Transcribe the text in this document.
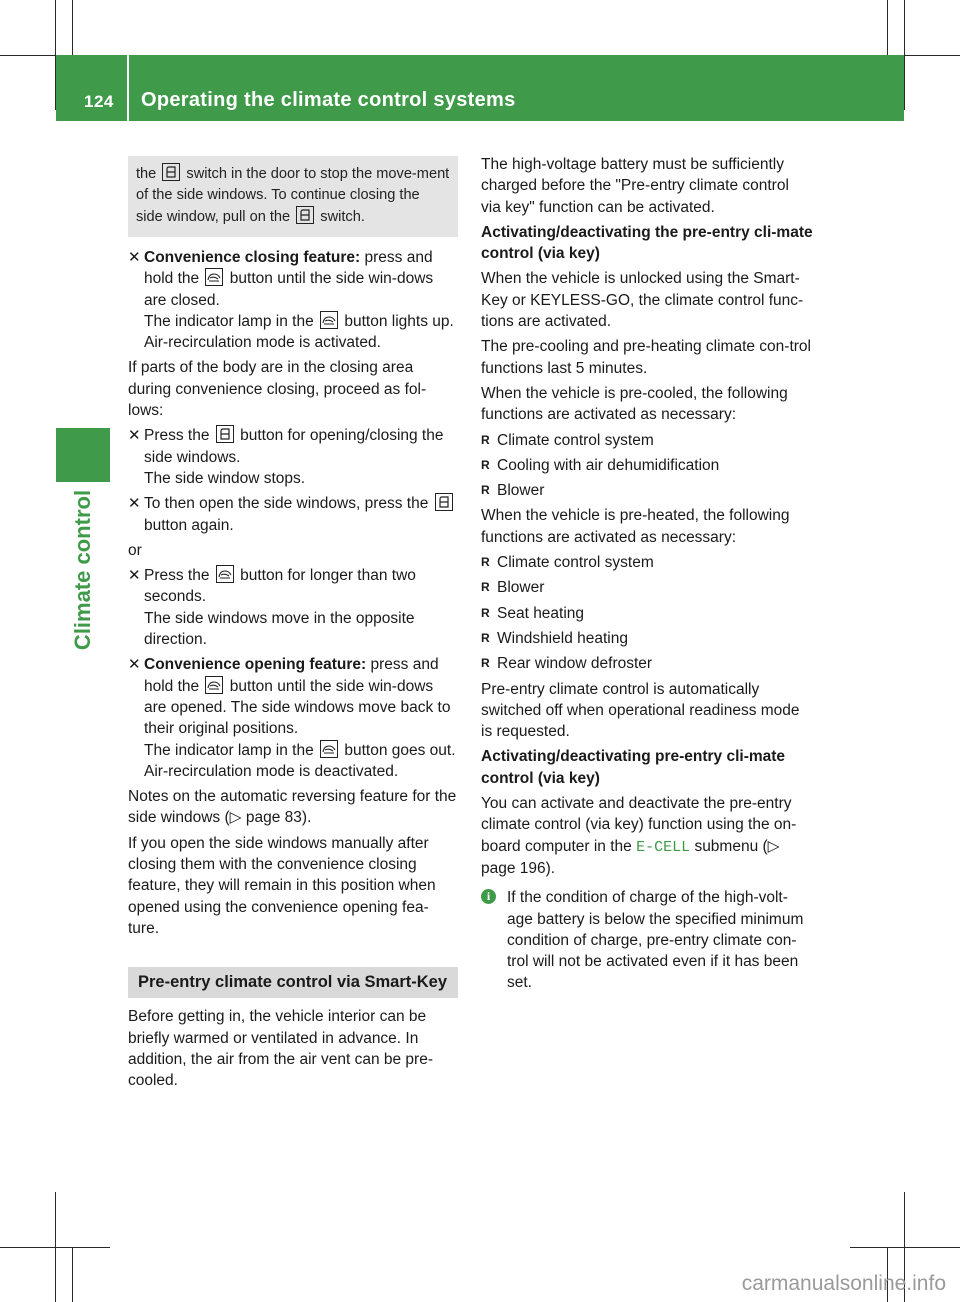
124 Operating the climate control systems
Climate control
the switch in the door to stop the move-ment of the side windows. To continue closing the side window, pull on the switch.
✕ Convenience closing feature: press and hold the button until the side win-dows are closed.
The indicator lamp in the button lights up. Air-recirculation mode is activated.

If parts of the body are in the closing area during convenience closing, proceed as fol-lows:

✕ Press the button for opening/closing the side windows.
The side window stops.
✕ To then open the side windows, press the
button again.

or

✕ Press the button for longer than two seconds.
The side windows move in the opposite direction.
✕ Convenience opening feature: press and hold the button until the side win-dows are opened. The side windows move back to their original positions.
The indicator lamp in the button goes out. Air-recirculation mode is deactivated.

Notes on the automatic reversing feature for the side windows (▷ page 83).

If you open the side windows manually after closing them with the convenience closing feature, they will remain in this position when opened using the convenience opening fea-ture.

Pre-entry climate control via Smart-Key

Before getting in, the vehicle interior can be briefly warmed or ventilated in advance. In addition, the air from the air vent can be pre-cooled.

The high-voltage battery must be sufficiently charged before the "Pre-entry climate control via key" function can be activated.

Activating/deactivating the pre-entry cli-mate control (via key)

When the vehicle is unlocked using the Smart-Key or KEYLESS-GO, the climate control func-tions are activated.

The pre-cooling and pre-heating climate con-trol functions last 5 minutes.

When the vehicle is pre-cooled, the following functions are activated as necessary:

R Climate control system
R Cooling with air dehumidification
R Blower

When the vehicle is pre-heated, the following functions are activated as necessary:

R Climate control system
R Blower
R Seat heating
R Windshield heating
R Rear window defroster

Pre-entry climate control is automatically switched off when operational readiness mode is requested.

Activating/deactivating pre-entry cli-mate control (via key)

You can activate and deactivate the pre-entry climate control (via key) function using the on-board computer in the E-CELL submenu (▷ page 196).

i	If the condition of charge of the high-volt-age battery is below the specified minimum condition of charge, pre-entry climate con-trol will not be activated even if it has been set.
carmanualsonline.info
